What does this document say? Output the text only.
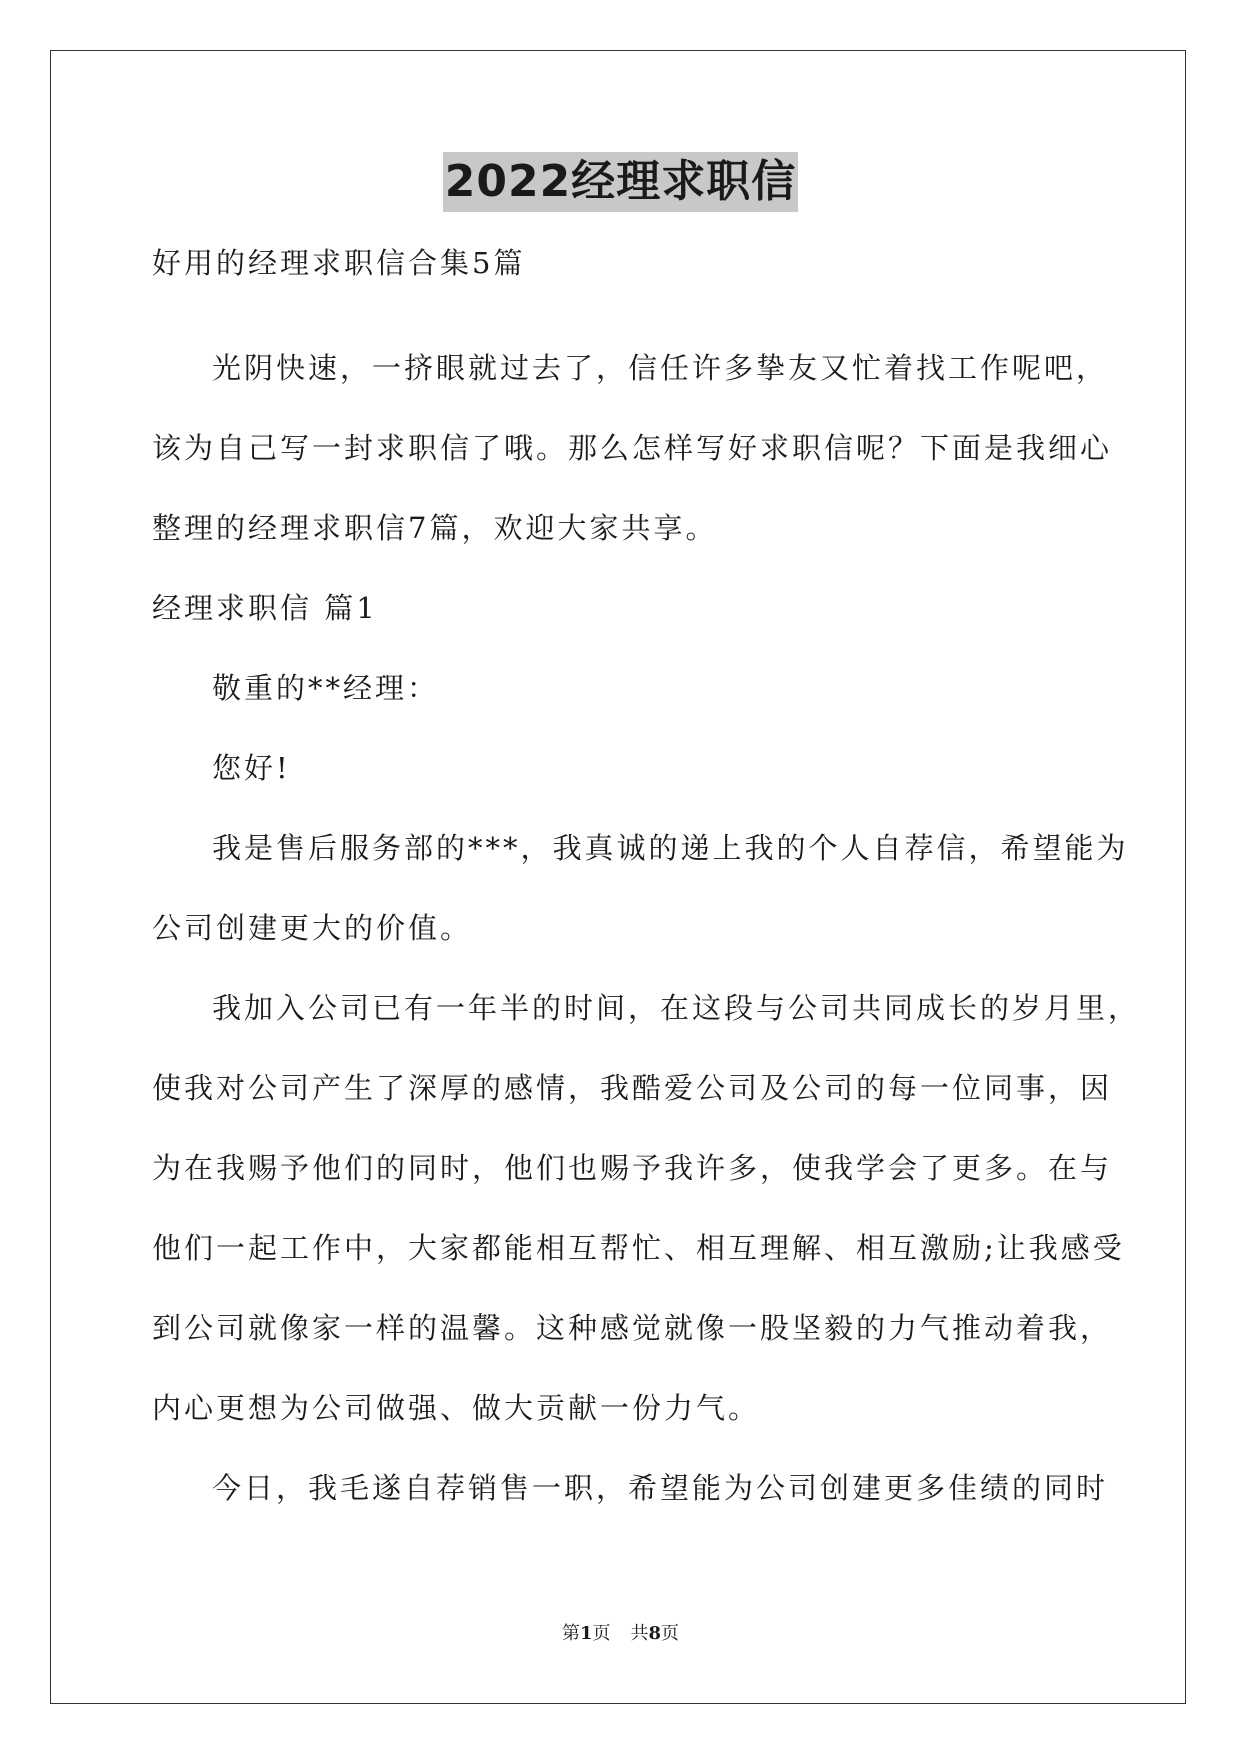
2022经理求职信

好用的经理求职信合集5篇

光阴快速，一挤眼就过去了，信任许多挚友又忙着找工作呢吧，

该为自己写一封求职信了哦。那么怎样写好求职信呢？下面是我细心

整理的经理求职信7篇，欢迎大家共享。

经理求职信 篇1

敬重的**经理：

您好!

我是售后服务部的***，我真诚的递上我的个人自荐信，希望能为

公司创建更大的价值。

我加入公司已有一年半的时间，在这段与公司共同成长的岁月里，

使我对公司产生了深厚的感情，我酷爱公司及公司的每一位同事，因

为在我赐予他们的同时，他们也赐予我许多，使我学会了更多。在与

他们一起工作中，大家都能相互帮忙、相互理解、相互激励;让我感受

到公司就像家一样的温馨。这种感觉就像一股坚毅的力气推动着我，

内心更想为公司做强、做大贡献一份力气。

今日，我毛遂自荐销售一职，希望能为公司创建更多佳绩的同时

第1页 共8页
